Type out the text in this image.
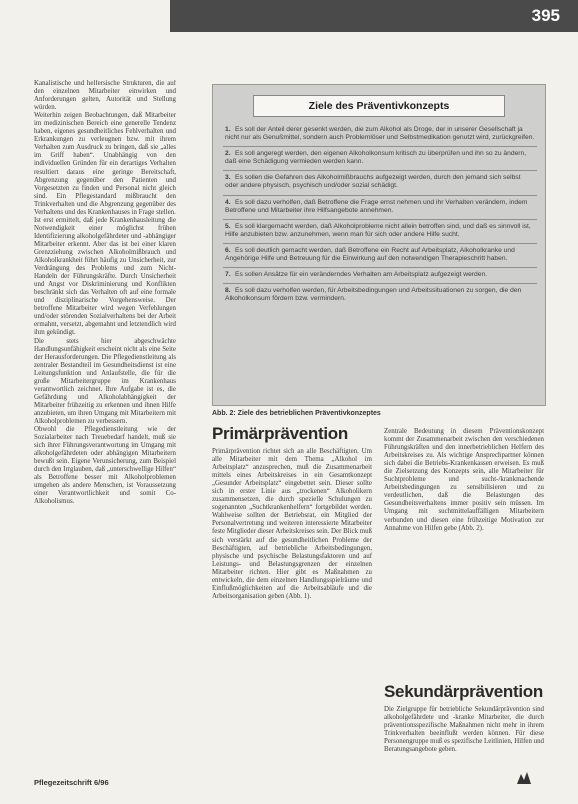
395

Kanalistische und helfersische Strukturen, die auf den einzelnen Mitarbeiter einwirken und Anforderungen gelten, Autorität und Stellung würden.

Weiterhin zeigen Beobachtungen, daß Mitarbeiter im medizinischen Bereich eine generelle Tendenz haben, eigenes gesundheitliches Fehlverhalten und Erkrankungen zu verleugnen bzw. mit ihrem Verhalten zum Ausdruck zu bringen, daß sie „alles im Griff haben“. Unabhängig von den individuellen Gründen für ein derartiges Verhalten resultiert daraus eine geringe Bereitschaft, Abgrenzung gegenüber den Patienten und Vorgesetzten zu finden und Personal nicht gleich sind. Ein Pflegestandard mißbraucht den Trinkverhalten und die Abgrenzung gegenüber des Verhaltens und des Krankenhauses in Frage stellen.

Ist erst ermittelt, daß jede Krankenhausleitung die Notwendigkeit einer möglichst frühen Identifizierung alkoholgefährdeter und -abhängiger Mitarbeiter erkennt. Aber das ist bei einer klaren Grenzziehung zwischen Alkoholmißbrauch und Alkoholkrankheit führt häufig zu Unsicherheit, zur Verdrängung des Problems und zum Nicht-Handeln der Führungskräfte. Durch Unsicherheit und Angst vor Diskriminierung und Konflikten beschränkt sich das Verhalten oft auf eine formale und disziplinarische Vorgehensweise. Der betroffene Mitarbeiter wird wegen Verfehlungen und/oder störenden Sozialverhaltens bei der Arbeit ermahnt, versetzt, abgemahnt und letztendlich wird ihm gekündigt.

Die stets hier abgeschwächte Handlungsunfähigkeit erscheint nicht als eine Seite der Herausforderungen. Die Pflegedienstleitung als zentraler Bestandteil im Gesundheitsdienst ist eine Leitungsfunktion und Anlaufstelle, die für die große Mitarbeitergruppe im Krankenhaus verantwortlich zeichnet. Ihre Aufgabe ist es, die Gefährdung und Alkoholabhängigkeit der Mitarbeiter frühzeitig zu erkennen und ihnen Hilfe anzubieten, um ihren Umgang mit Mitarbeitern mit Alkoholproblemen zu verbessern.

Obwohl die Pflegedienstleitung wie der Sozialarbeiter nach Treuebedarf handelt, muß sie sich ihrer Führungsverantwortung im Umgang mit alkoholgefährdeten oder abhängigen Mitarbeitern bewußt sein. Eigene Verunsicherung, zum Beispiel durch den Irrglauben, daß „unterschwellige Hilfen“ als Betroffene besser mit Alkoholproblemen umgehen als andere Menschen, ist Voraussetzung einer Verantwortlichkeit und somit Co-Alkoholismus.

Ziele des Präventivkonzepts
1. Es soll der Anteil derer gesenkt werden, die zum Alkohol als Droge, der in unserer Gesellschaft ja nicht nur als Genußmittel, sondern auch Problemlöser und Selbstmedikation genutzt wird, zurückgreifen.
2. Es soll angeregt werden, den eigenen Alkoholkonsum kritisch zu überprüfen und ihn so zu ändern, daß eine Schädigung vermieden werden kann.
3. Es sollen die Gefahren des Alkoholmißbrauchs aufgezeigt werden, durch den jemand sich selbst oder andere physisch, psychisch und/oder sozial schädigt.
4. Es soll dazu verholfen, daß Betroffene die Frage ernst nehmen und ihr Verhalten verändern, indem Betroffene und Mitarbeiter ihre Hilfsangebote annehmen.
5. Es soll klargemacht werden, daß Alkoholprobleme nicht allein betroffen sind, und daß es sinnvoll ist, Hilfe anzubieten bzw. anzunehmen, wenn man für sich oder andere Hilfe sucht.
6. Es soll deutlich gemacht werden, daß Betroffene ein Recht auf Arbeitsplatz, Alkoholkranke und Angehörige Hilfe und Betreuung für die Einwirkung auf den notwendigen Therapieschritt haben.
7. Es sollen Ansätze für ein veränderndes Verhalten am Arbeitsplatz aufgezeigt werden.
8. Es soll dazu verholfen werden, für Arbeitsbedingungen und Arbeitssituationen zu sorgen, die den Alkoholkonsum fördern bzw. vermindern.
Abb. 2: Ziele des betrieblichen Präventivkonzeptes
Primärprävention
Primärprävention richtet sich an alle Beschäftigten. Um alle Mitarbeiter mit dem Thema „Alkohol im Arbeitsplatz“ anzusprechen, muß die Zusammenarbeit mittels eines Arbeitskreises in ein Gesamtkonzept „Gesunder Arbeitsplatz“ eingebettet sein. Dieser sollte sich in erster Linie aus „trockenen“ Alkoholikern zusammensetzen, die durch spezielle Schulungen zu sogenannten „Suchtkrankenhelfern“ fortgebildet werden. Wahlweise sollten der Betriebsrat, ein Mitglied der Personalvertretung und weiteren interessierte Mitarbeiter feste Mitglieder dieser Arbeitskreises sein. Der Blick muß sich verstärkt auf die gesundheitlichen Probleme der Beschäftigten, auf betriebliche Arbeitsbedingungen, physische und psychische Belastungsfaktoren und auf Leistungs- und Belastungsgrenzen der einzelnen Mitarbeiter richten. Hier gibt es Maßnahmen zu entwickeln, die dem einzelnen Handlungsspielräume und Einflußmöglichkeiten auf die Arbeitsabläufe und die Arbeitsorganisation geben (Abb. 1).
Zentrale Bedeutung in diesem Präventionskonzept kommt der Zusammenarbeit zwischen den verschiedenen Führungskräften und den innerbetrieblichen Helfern des Arbeitskreises zu. Als wichtige Ansprechpartner können sich dabei die Betriebs-Krankenkassen erweisen. Es muß die Zielsetzung des Konzepts sein, alle Mitarbeiter für Suchtprobleme und sucht-/krankmachende Arbeitsbedingungen zu sensibilisieren und zu verdeutlichen, daß die Belastungen des Gesundheitsverhaltens immer positiv sein müssen. Im Umgang mit suchtmittelauffälligen Mitarbeitern verbunden und diesen eine frühzeitige Motivation zur Annahme von Hilfen gebe (Abb. 2).
Sekundärprävention
Die Zielgruppe für betriebliche Sekundärprävention sind alkoholgefährdete und -kranke Mitarbeiter, die durch präventionsspezifische Maßnahmen nicht mehr in ihrem Trinkverhalten beeinflußt werden können. Für diese Personengruppe muß es spezifische Leitlinien, Hilfen und Beratungsangebote geben.
Pflegezeitschrift 6/96
